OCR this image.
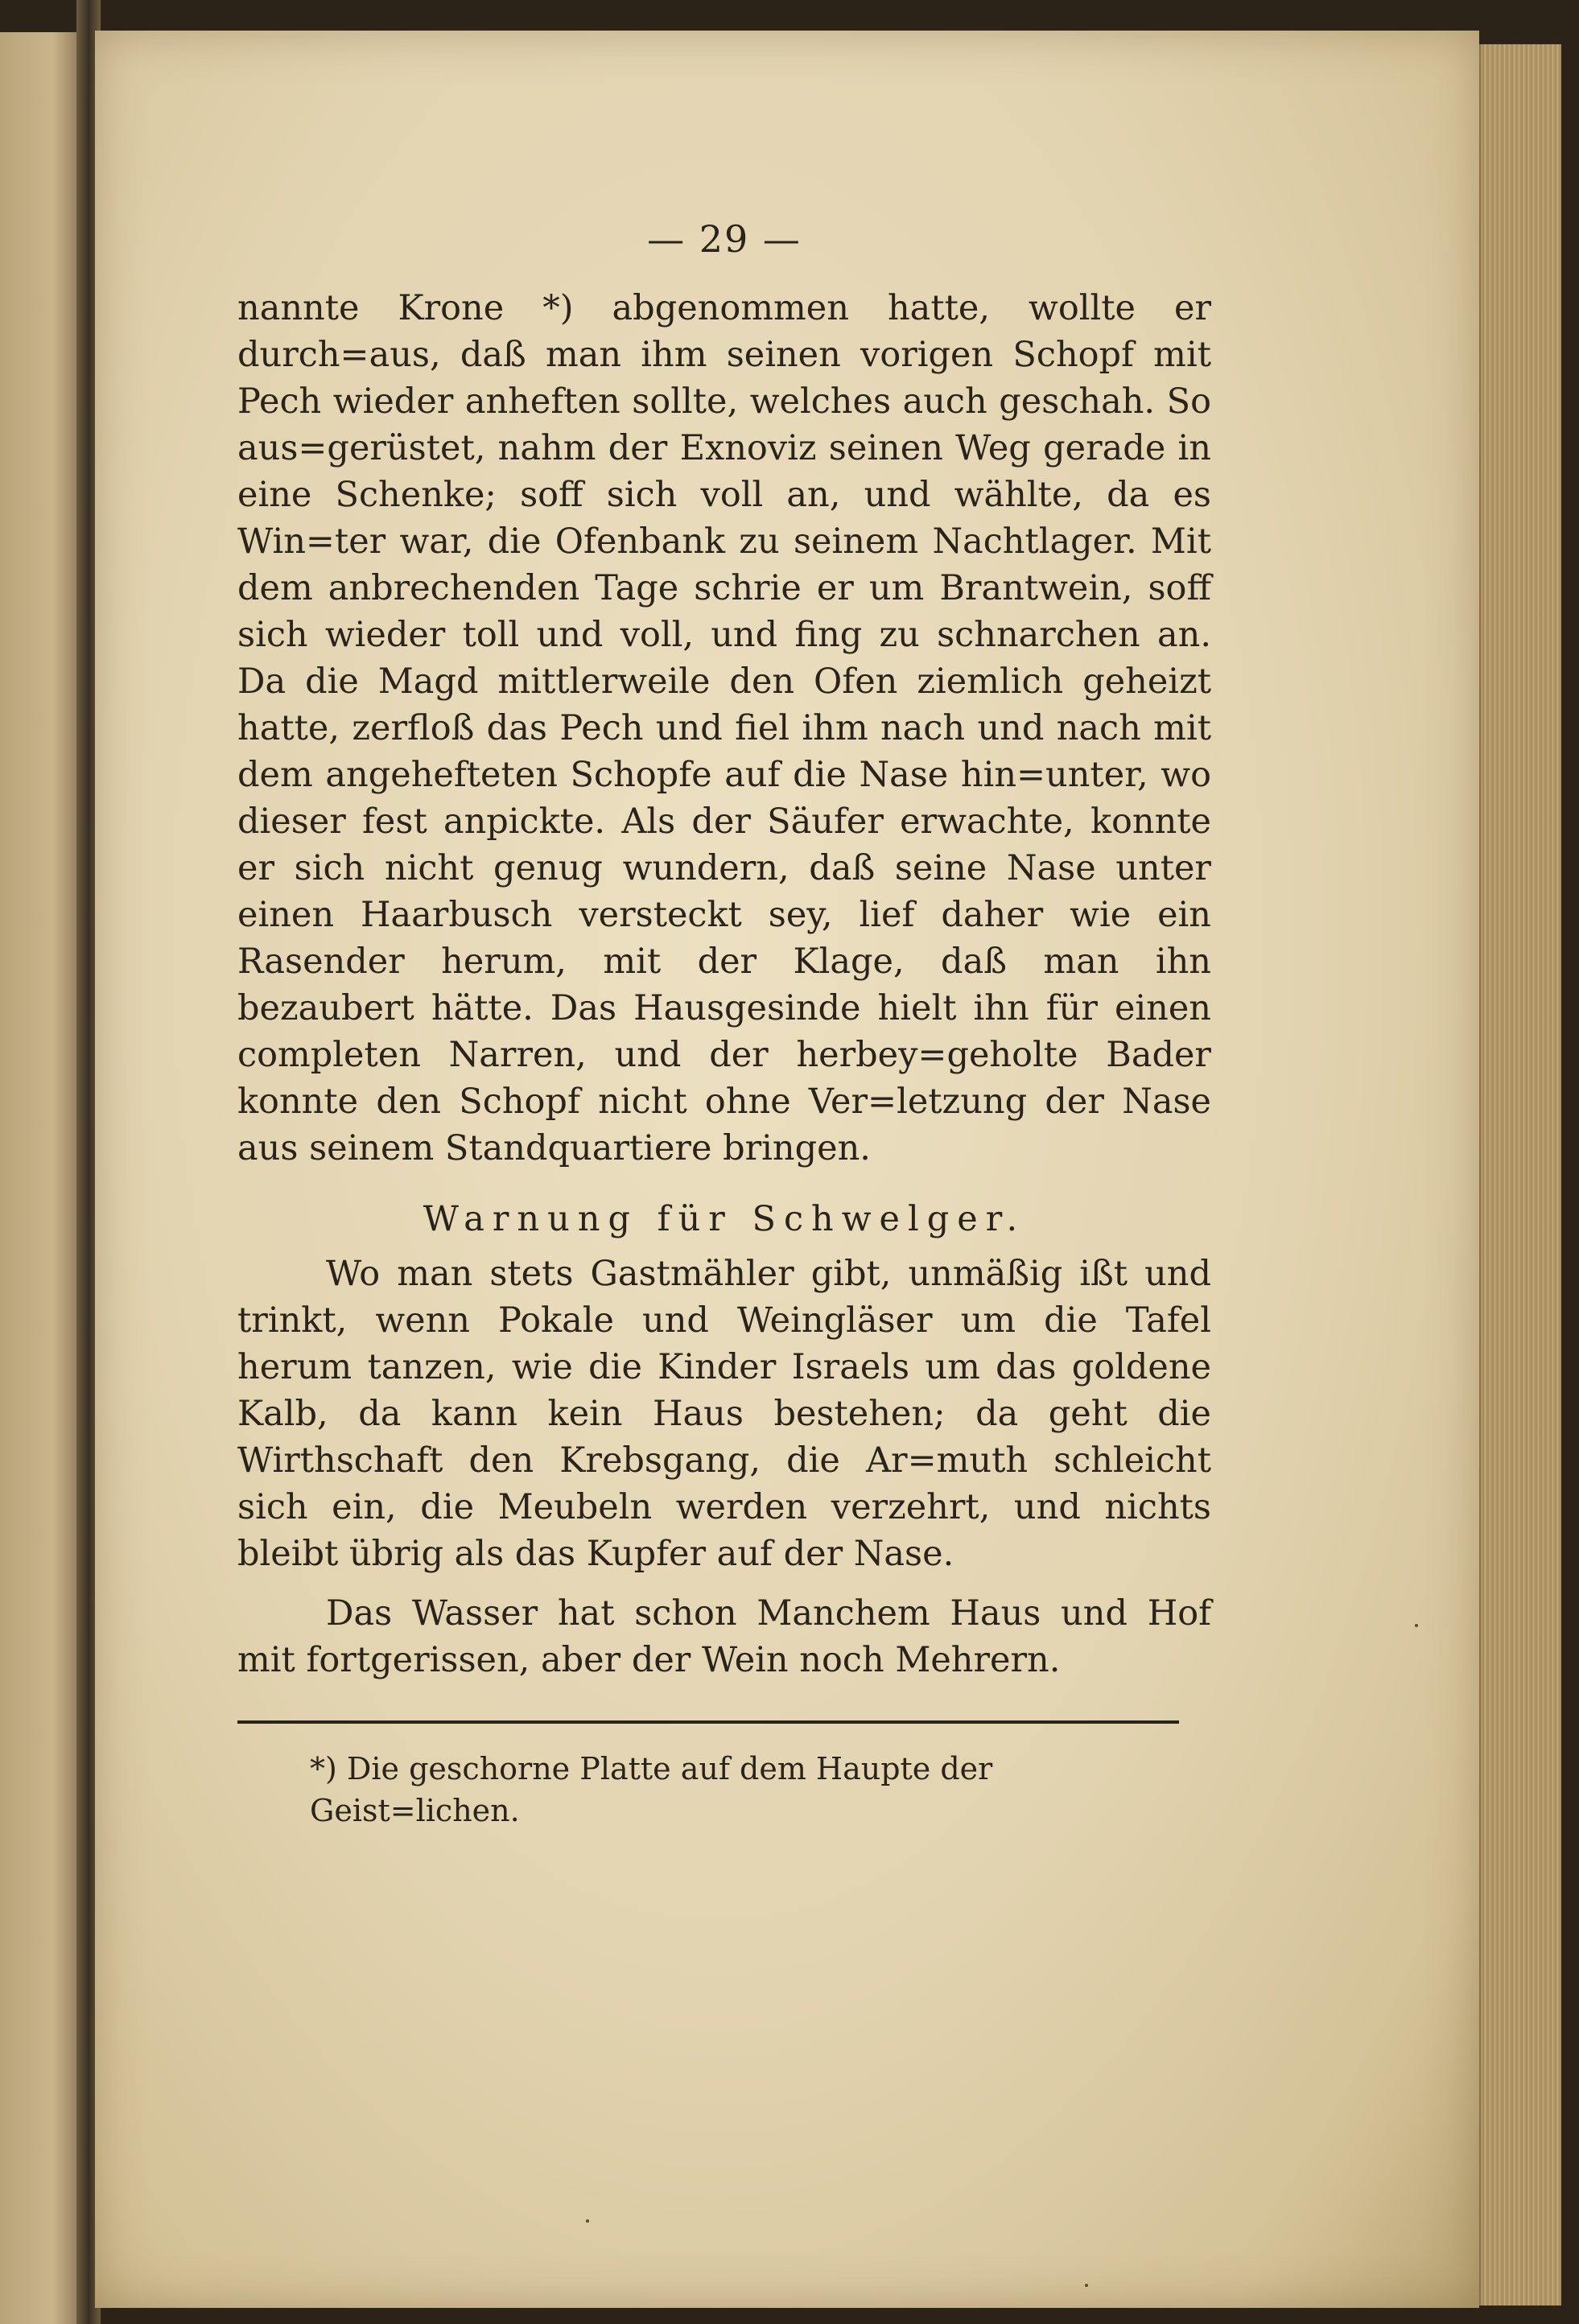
— 29 —

nannte Krone *) abgenommen hatte, wollte er durch=aus, daß man ihm seinen vorigen Schopf mit Pech wieder anheften sollte, welches auch geschah. So aus=gerüstet, nahm der Exnoviz seinen Weg gerade in eine Schenke; soff sich voll an, und wählte, da es Win=ter war, die Ofenbank zu seinem Nachtlager. Mit dem anbrechenden Tage schrie er um Brantwein, soff sich wieder toll und voll, und fing zu schnarchen an. Da die Magd mittlerweile den Ofen ziemlich geheizt hatte, zerfloß das Pech und fiel ihm nach und nach mit dem angehefteten Schopfe auf die Nase hin=unter, wo dieser fest anpickte. Als der Säufer erwachte, konnte er sich nicht genug wundern, daß seine Nase unter einen Haarbusch versteckt sey, lief daher wie ein Rasender herum, mit der Klage, daß man ihn bezaubert hätte. Das Hausgesinde hielt ihn für einen completen Narren, und der herbey=geholte Bader konnte den Schopf nicht ohne Ver=letzung der Nase aus seinem Standquartiere bringen.

Warnung für Schwelger.

Wo man stets Gastmähler gibt, unmäßig ißt und trinkt, wenn Pokale und Weingläser um die Tafel herum tanzen, wie die Kinder Israels um das goldene Kalb, da kann kein Haus bestehen; da geht die Wirthschaft den Krebsgang, die Ar=muth schleicht sich ein, die Meubeln werden verzehrt, und nichts bleibt übrig als das Kupfer auf der Nase.

Das Wasser hat schon Manchem Haus und Hof mit fortgerissen, aber der Wein noch Mehrern.

*) Die geschorne Platte auf dem Haupte der Geist=lichen.
